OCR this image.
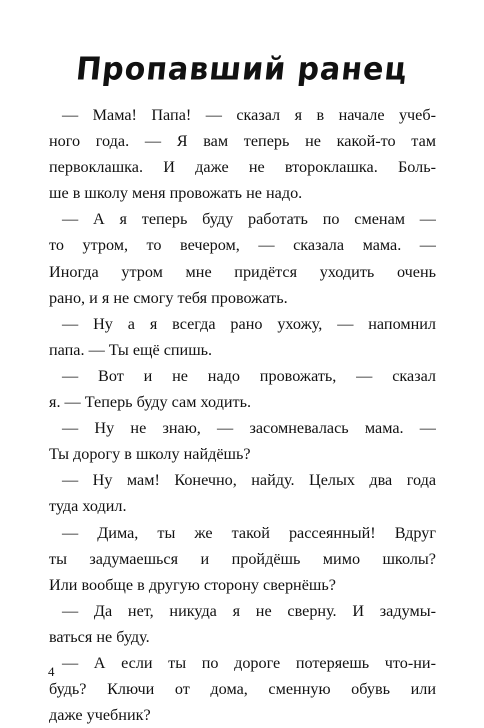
Пропавший ранец
— Мама! Папа! — сказал я в начале учеб-
ного года. — Я вам теперь не какой-то там
первоклашка. И даже не второклашка. Боль-
ше в школу меня провожать не надо.
— А я теперь буду работать по сменам —
то утром, то вечером, — сказала мама. —
Иногда утром мне придётся уходить очень
рано, и я не смогу тебя провожать.
— Ну а я всегда рано ухожу, — напомнил
папа. — Ты ещё спишь.
— Вот и не надо провожать, — сказал
я. — Теперь буду сам ходить.
— Ну не знаю, — засомневалась мама. —
Ты дорогу в школу найдёшь?
— Ну мам! Конечно, найду. Целых два года
туда ходил.
— Дима, ты же такой рассеянный! Вдруг
ты задумаешься и пройдёшь мимо школы?
Или вообще в другую сторону свернёшь?
— Да нет, никуда я не сверну. И задумы-
ваться не буду.
— А если ты по дороге потеряешь что-ни-
будь? Ключи от дома, сменную обувь или
даже учебник?
4
